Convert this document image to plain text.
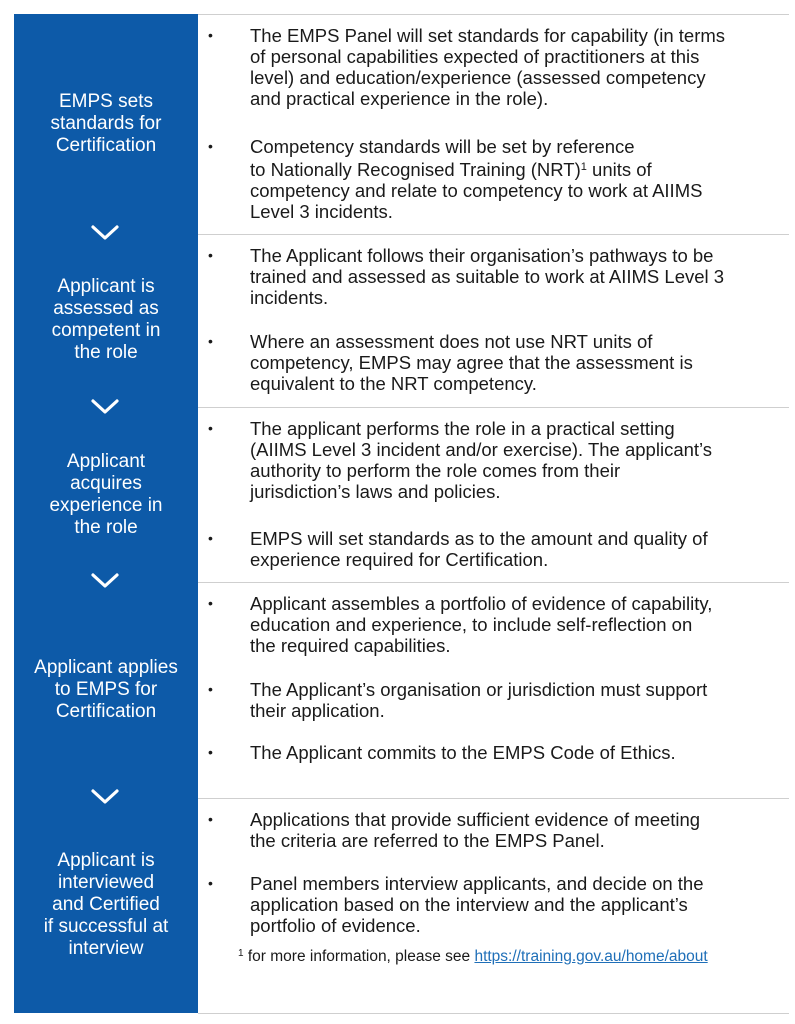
EMPS sets
standards for
Certification
Applicant is
assessed as
competent in
the role
Applicant
acquires
experience in
the role
Applicant applies
to EMPS for
Certification
Applicant is
interviewed
and Certified
if successful at
interview
• The EMPS Panel will set standards for capability (in terms
of personal capabilities expected of practitioners at this
level) and education/experience (assessed competency
and practical experience in the role).
• Competency standards will be set by reference
to Nationally Recognised Training (NRT)$^1$ units of
competency and relate to competency to work at AIIMS
Level 3 incidents.
• The Applicant follows their organisation’s pathways to be
trained and assessed as suitable to work at AIIMS Level 3
incidents.
• Where an assessment does not use NRT units of
competency, EMPS may agree that the assessment is
equivalent to the NRT competency.
• The applicant performs the role in a practical setting
(AIIMS Level 3 incident and/or exercise). The applicant’s
authority to perform the role comes from their
jurisdiction’s laws and policies.
• EMPS will set standards as to the amount and quality of
experience required for Certification.
• Applicant assembles a portfolio of evidence of capability,
education and experience, to include self-reflection on
the required capabilities.
• The Applicant’s organisation or jurisdiction must support
their application.
• The Applicant commits to the EMPS Code of Ethics.
• Applications that provide sufficient evidence of meeting
the criteria are referred to the EMPS Panel.
• Panel members interview applicants, and decide on the
application based on the interview and the applicant’s
portfolio of evidence.
$^1$ for more information, please see https://training.gov.au/home/about
